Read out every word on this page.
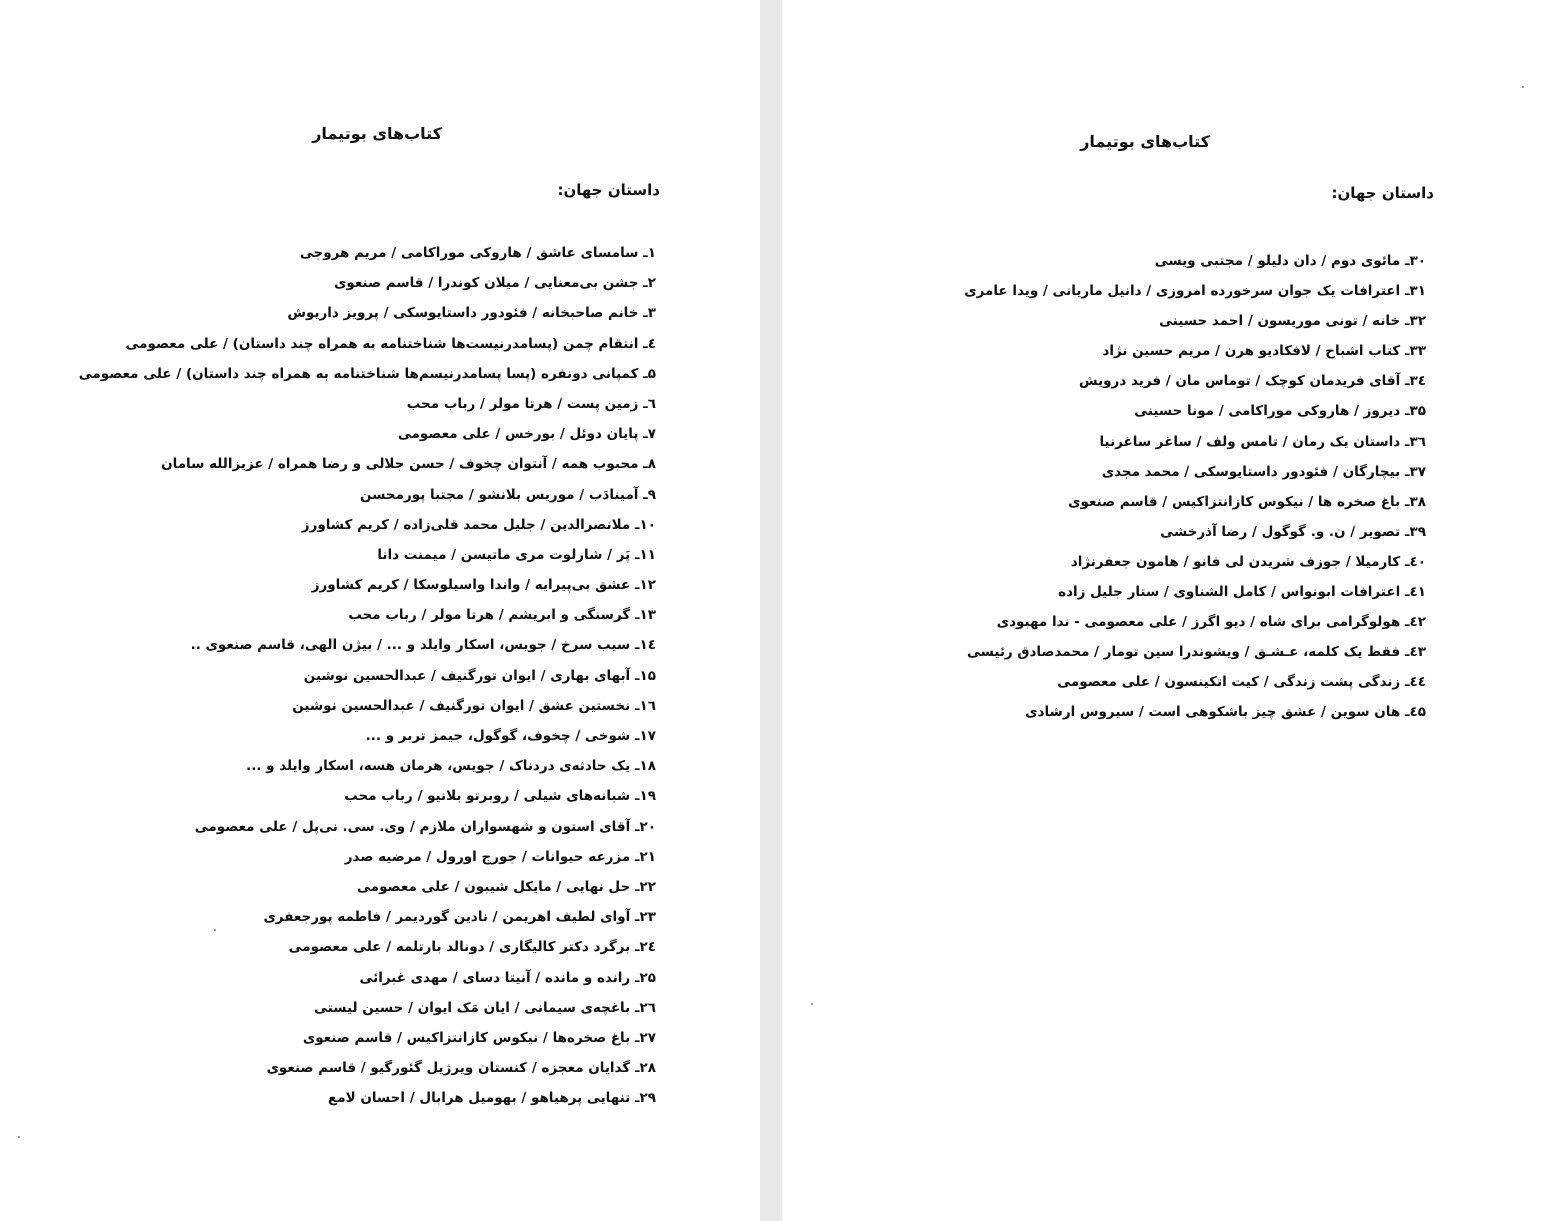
کتاب‌های بوتیمار
داستان جهان:
۱ـ سامسای عاشق / هاروکی موراکامی / مریم هروجی
۲ـ جشن بی‌معنایی / میلان کوندرا / قاسم صنعوی
۳ـ خانم صاحبخانه / فئودور داستایوسکی / پرویز داریوش
٤ـ انتقام چمن (پسامدرنیست‌ها شناختنامه به همراه چند داستان) / علی معصومی
۵ـ کمپانی دونفره (پسا پسامدرنیسم‌ها شناختنامه به همراه چند داستان) / علی معصومی
٦ـ زمین پست / هرتا مولر / رباب محب
۷ـ پایان دوئل / بورخس / علی معصومی
۸ـ محبوب همه / آنتوان چخوف / حسن جلالی و رضا همراه / عزیزالله سامان
۹ـ آمینادَب / موریس بلانشو / مجتبا پورمحسن
۱۰ـ ملانصرالدین / جلیل محمد قلی‌زاده / کریم کشاورز
۱۱ـ پَر / شارلوت مری ماتیسن / میمنت دانا
۱۲ـ عشق بی‌پیرایه / واندا واسیلوسکا / کریم کشاورز
۱۳ـ گرسنگی و ابریشم / هرتا مولر / رباب محب
۱٤ـ سیب سرخ / جویس، اسکار وایلد و ... / بیژن الهی، قاسم صنعوی ..
۱۵ـ آبهای بهاری / ایوان تورگنیف / عبدالحسین نوشین
۱٦ـ نخستین عشق / ایوان تورگنیف / عبدالحسین نوشین
۱۷ـ شوخی / چخوف، گوگول، جیمز تربر و ...
۱۸ـ یک حادثه‌ی دردناک / جویس، هرمان هسه، اسکار وایلد و ...
۱۹ـ شبانه‌های شیلی / روبرتو بلانیو / رباب محب
۲۰ـ آقای استون و شهسواران ملازم / وی. سی. نی‌پل / علی معصومی
۲۱ـ مزرعه حیوانات / جورج اورول / مرضیه صدر
۲۲ـ حل نهایی / مایکل شیبون / علی معصومی
۲۳ـ آوای لطیف اهریمن / نادین گوردیمر / فاطمه پورجعفری
۲٤ـ برگرد دکتر کالیگاری / دونالد بارتلمه / علی معصومی
۲۵ـ رانده و مانده / آنیتا دسای / مهدی غبرائی
۲٦ـ باغچه‌ی سیمانی / ایان مَک ایوان / حسین لیستی
۲۷ـ باغ صخره‌ها / نیکوس کازانتزاکیس / قاسم صنعوی
۲۸ـ گدایان معجزه / کنستان ویرژیل گئورگیو / قاسم صنعوی
۲۹ـ تنهایی پرهیاهو / بهومیل هرابال / احسان لامع
کتاب‌های بوتیمار
داستان جهان:
۳۰ـ مائوی دوم / دان دلیلو / مجتبی ویسی
۳۱ـ اعترافات یک جوان سرخورده امروزی / دانیل ماریانی / ویدا عامری
۳۲ـ خانه / تونی موریسون / احمد حسینی
۳۳ـ کتاب اشباح / لافکادیو هرن / مریم حسین نژاد
۳٤ـ آقای فریدمان کوچک / توماس مان / فرید درویش
۳۵ـ دیروز / هاروکی موراکامی / مونا حسینی
۳٦ـ داستان یک رمان / تامس ولف / ساغر ساغرنیا
۳۷ـ بیچارگان / فئودور داستایوسکی / محمد مجدی
۳۸ـ باغ صخره ها / نیکوس کازانتزاکیس / قاسم صنعوی
۳۹ـ تصویر / ن. و. گوگول / رضا آذرخشی
٤۰ـ کارمیلا / جوزف شریدن لی فانو / هامون جعفرنژاد
٤۱ـ اعترافات ابونواس / کامل الشناوی / ستار جلیل زاده
٤۲ـ هولوگرامی برای شاه / دیو اگرز / علی معصومی - ندا مهبودی
٤۳ـ فقط یک کلمه، عـشـق / ویشوندرا سین تومار / محمدصادق رئیسی
٤٤ـ زندگی پشت زندگی / کیت اتکینسون / علی معصومی
٤۵ـ هان سوین / عشق چیز باشکوهی است / سیروس ارشادی
